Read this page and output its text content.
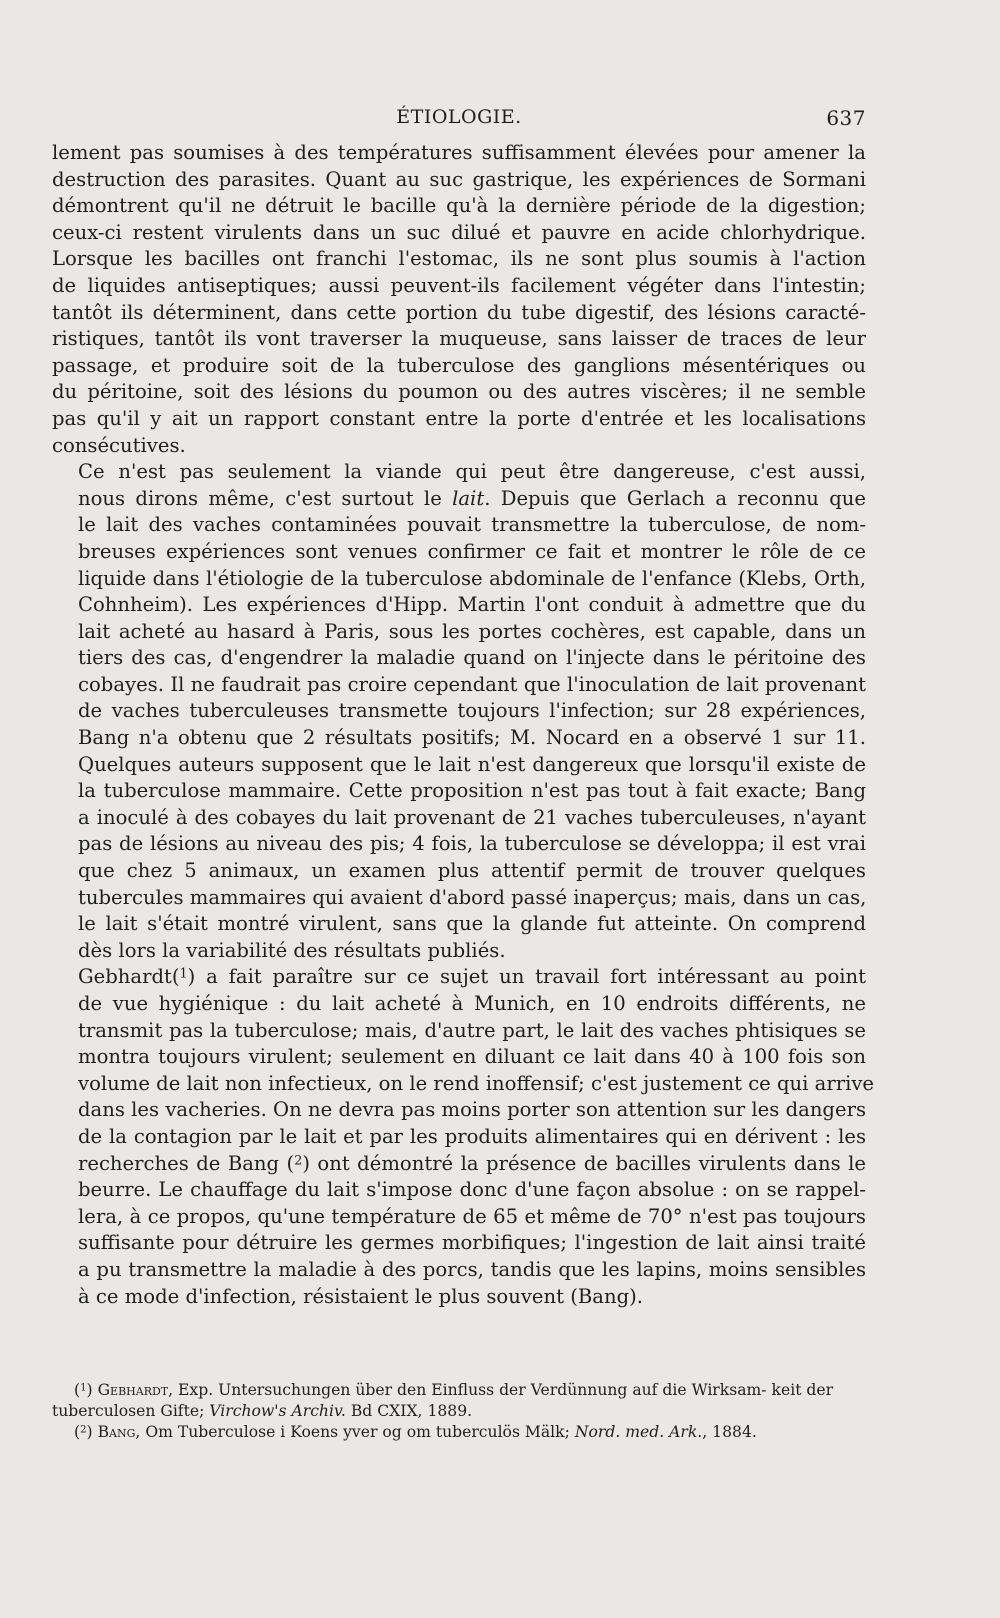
ÉTIOLOGIE.	637

lement pas soumises à des températures suffisamment élevées pour amener la
destruction des parasites. Quant au suc gastrique, les expériences de Sormani
démontrent qu'il ne détruit le bacille qu'à la dernière période de la digestion;
ceux-ci restent virulents dans un suc dilué et pauvre en acide chlorhydrique.
Lorsque les bacilles ont franchi l'estomac, ils ne sont plus soumis à l'action
de liquides antiseptiques; aussi peuvent-ils facilement végéter dans l'intestin;
tantôt ils déterminent, dans cette portion du tube digestif, des lésions caracté-
ristiques, tantôt ils vont traverser la muqueuse, sans laisser de traces de leur
passage, et produire soit de la tuberculose des ganglions mésentériques ou
du péritoine, soit des lésions du poumon ou des autres viscères; il ne semble
pas qu'il y ait un rapport constant entre la porte d'entrée et les localisations
consécutives.

Ce n'est pas seulement la viande qui peut être dangereuse, c'est aussi,
nous dirons même, c'est surtout le lait. Depuis que Gerlach a reconnu que
le lait des vaches contaminées pouvait transmettre la tuberculose, de nom-
breuses expériences sont venues confirmer ce fait et montrer le rôle de ce
liquide dans l'étiologie de la tuberculose abdominale de l'enfance (Klebs, Orth,
Cohnheim). Les expériences d'Hipp. Martin l'ont conduit à admettre que du
lait acheté au hasard à Paris, sous les portes cochères, est capable, dans un
tiers des cas, d'engendrer la maladie quand on l'injecte dans le péritoine des
cobayes. Il ne faudrait pas croire cependant que l'inoculation de lait provenant
de vaches tuberculeuses transmette toujours l'infection; sur 28 expériences,
Bang n'a obtenu que 2 résultats positifs; M. Nocard en a observé 1 sur 11.
Quelques auteurs supposent que le lait n'est dangereux que lorsqu'il existe de
la tuberculose mammaire. Cette proposition n'est pas tout à fait exacte; Bang
a inoculé à des cobayes du lait provenant de 21 vaches tuberculeuses, n'ayant
pas de lésions au niveau des pis; 4 fois, la tuberculose se développa; il est vrai
que chez 5 animaux, un examen plus attentif permit de trouver quelques
tubercules mammaires qui avaient d'abord passé inaperçus; mais, dans un cas,
le lait s'était montré virulent, sans que la glande fut atteinte. On comprend
dès lors la variabilité des résultats publiés.

Gebhardt($^1$) a fait paraître sur ce sujet un travail fort intéressant au point
de vue hygiénique : du lait acheté à Munich, en 10 endroits différents, ne
transmit pas la tuberculose; mais, d'autre part, le lait des vaches phtisiques se
montra toujours virulent; seulement en diluant ce lait dans 40 à 100 fois son
volume de lait non infectieux, on le rend inoffensif; c'est justement ce qui arrive
dans les vacheries. On ne devra pas moins porter son attention sur les dangers
de la contagion par le lait et par les produits alimentaires qui en dérivent : les
recherches de Bang ($^2$) ont démontré la présence de bacilles virulents dans le
beurre. Le chauffage du lait s'impose donc d'une façon absolue : on se rappel-
lera, à ce propos, qu'une température de 65 et même de 70° n'est pas toujours
suffisante pour détruire les germes morbifiques; l'ingestion de lait ainsi traité
a pu transmettre la maladie à des porcs, tandis que les lapins, moins sensibles
à ce mode d'infection, résistaient le plus souvent (Bang).

($^1$) Gebhardt, Exp. Untersuchungen über den Einfluss der Verdünnung auf die Wirksam- keit der tuberculosen Gifte; Virchow's Archiv. Bd CXIX, 1889.

($^2$) Bang, Om Tuberculose i Koens yver og om tuberculös Mälk; Nord. med. Ark., 1884.
